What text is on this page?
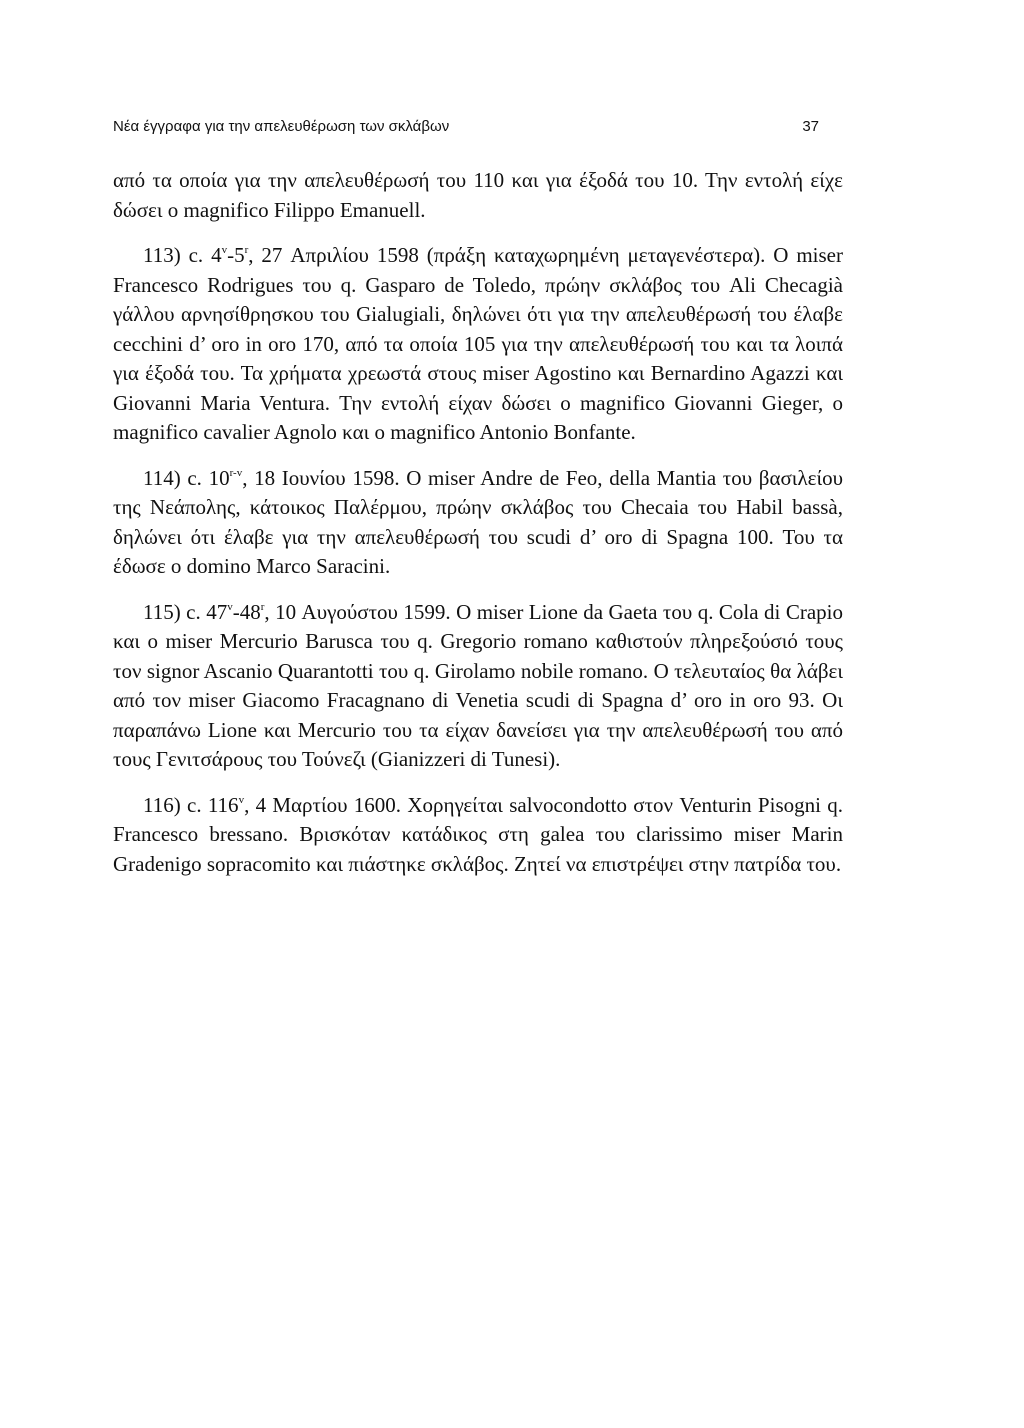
Νέα έγγραφα για την απελευθέρωση των σκλάβων	37

από τα οποία για την απελευθέρωσή του 110 και για έξοδά του 10. Την εντολή είχε δώσει ο magnifico Filippo Emanuell.

113) c. 4$^v$-5$^r$, 27 Απριλίου 1598 (πράξη καταχωρημένη μεταγενέστερα). Ο miser Francesco Rodrigues του q. Gasparo de Toledo, πρώην σκλάβος του Ali Checagià γάλλου αρνησίθρησκου του Gialugiali, δηλώνει ότι για την απελευθέρωσή του έλαβε cecchini d’ oro in oro 170, από τα οποία 105 για την απελευθέρωσή του και τα λοιπά για έξοδά του. Τα χρήματα χρεωστά στους miser Agostino και Bernardino Agazzi και Giovanni Maria Ventura. Την εντολή είχαν δώσει ο magnifico Giovanni Gieger, o magnifico cavalier Agnolo και ο magnifico Antonio Bonfante.

114) c. 10$^{r-v}$, 18 Ιουνίου 1598. Ο miser Andre de Feo, della Mantia του βασιλείου της Νεάπολης, κάτοικος Παλέρμου, πρώην σκλάβος του Checaia του Habil bassà, δηλώνει ότι έλαβε για την απελευθέρωσή του scudi d’ oro di Spagna 100. Του τα έδωσε ο domino Marco Saracini.

115) c. 47$^v$-48$^r$, 10 Αυγούστου 1599. Ο miser Lione da Gaeta του q. Cola di Crapio και ο miser Mercurio Barusca του q. Gregorio romano καθιστούν πληρεξούσιό τους τον signor Ascanio Quarantotti του q. Girolamo nobile romano. Ο τελευταίος θα λάβει από τον miser Giacomo Fracagnano di Venetia scudi di Spagna d’ oro in oro 93. Οι παραπάνω Lione και Mercurio του τα είχαν δανείσει για την απελευθέρωσή του από τους Γενιτσάρους του Τούνεζι (Gianizzeri di Tunesi).

116) c. 116$^v$, 4 Μαρτίου 1600. Χορηγείται salvocondotto στον Venturin Pisogni q. Francesco bressano. Βρισκόταν κατάδικος στη galea του clarissimo miser Marin Gradenigo sopracomito και πιάστηκε σκλάβος. Ζητεί να επιστρέψει στην πατρίδα του.
